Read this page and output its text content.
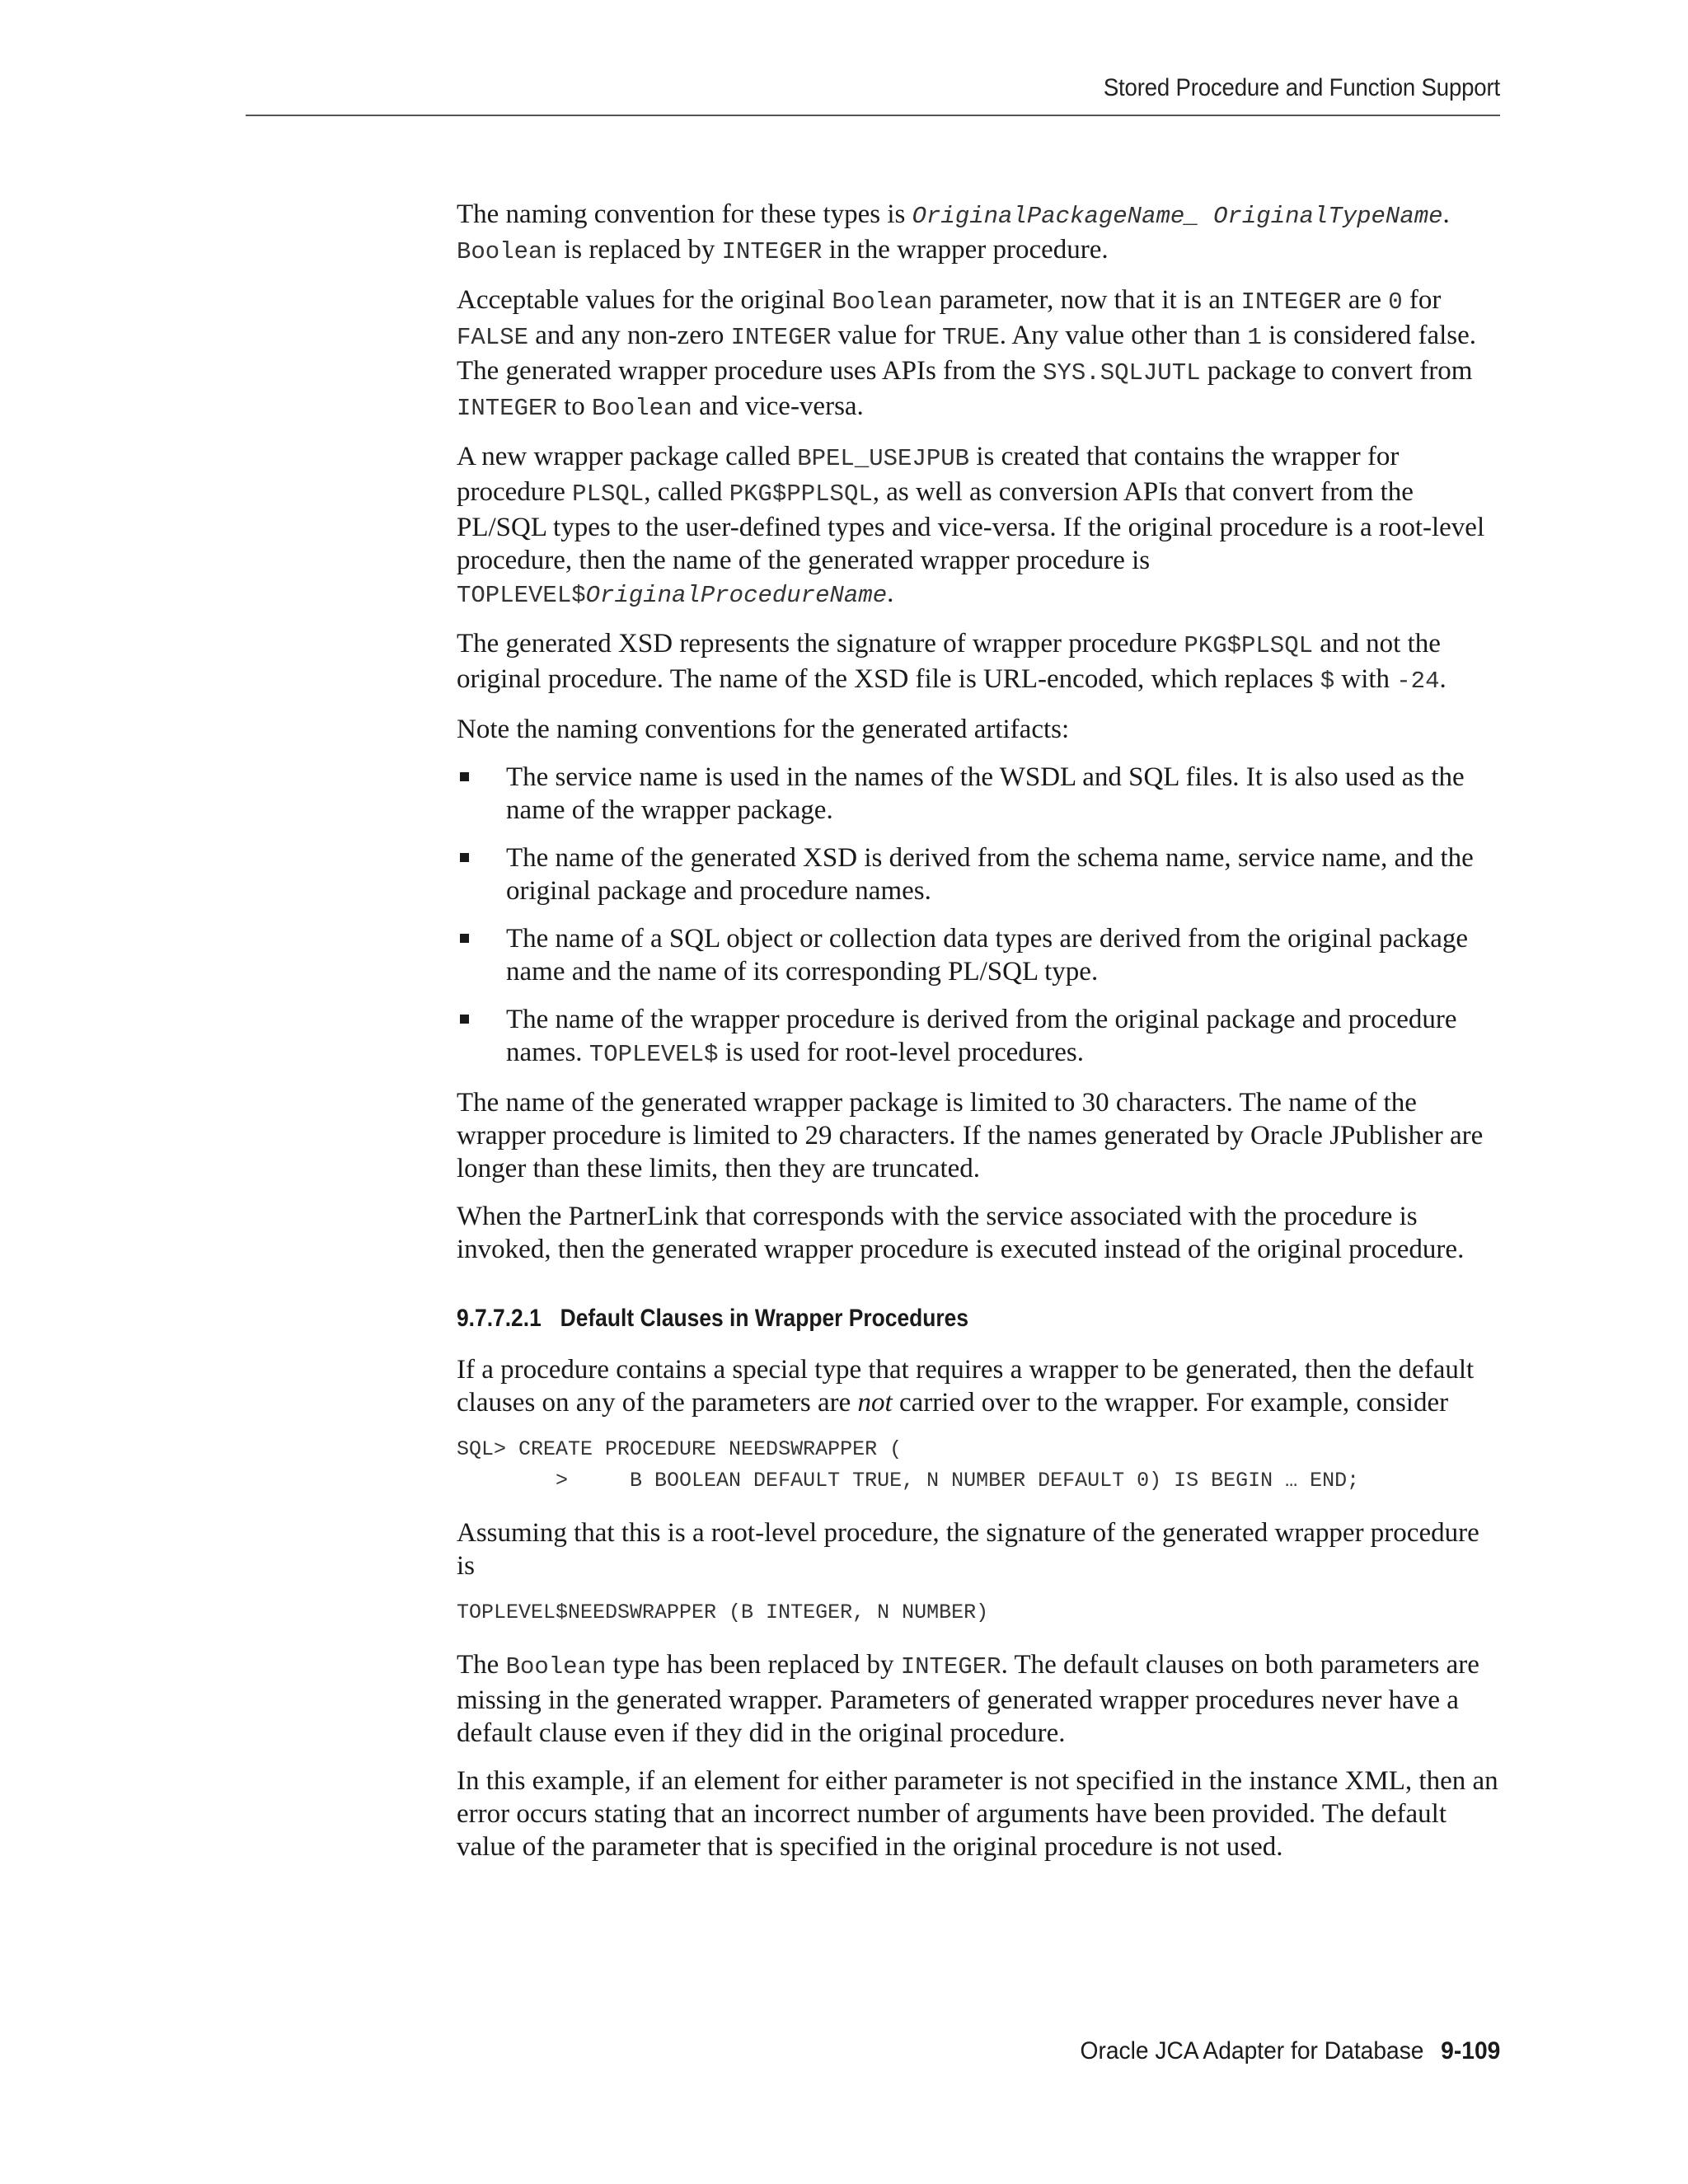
Stored Procedure and Function Support

The naming convention for these types is OriginalPackageName_ OriginalTypeName. Boolean is replaced by INTEGER in the wrapper procedure.

Acceptable values for the original Boolean parameter, now that it is an INTEGER are 0 for FALSE and any non-zero INTEGER value for TRUE. Any value other than 1 is considered false. The generated wrapper procedure uses APIs from the SYS.SQLJUTL package to convert from INTEGER to Boolean and vice-versa.

A new wrapper package called BPEL_USEJPUB is created that contains the wrapper for procedure PLSQL, called PKG$PPLSQL, as well as conversion APIs that convert from the PL/SQL types to the user-defined types and vice-versa. If the original procedure is a root-level procedure, then the name of the generated wrapper procedure is TOPLEVEL$OriginalProcedureName.

The generated XSD represents the signature of wrapper procedure PKG$PLSQL and not the original procedure. The name of the XSD file is URL-encoded, which replaces $ with -24.

Note the naming conventions for the generated artifacts:

The service name is used in the names of the WSDL and SQL files. It is also used as the name of the wrapper package.
The name of the generated XSD is derived from the schema name, service name, and the original package and procedure names.
The name of a SQL object or collection data types are derived from the original package name and the name of its corresponding PL/SQL type.
The name of the wrapper procedure is derived from the original package and procedure names. TOPLEVEL$ is used for root-level procedures.

The name of the generated wrapper package is limited to 30 characters. The name of the wrapper procedure is limited to 29 characters. If the names generated by Oracle JPublisher are longer than these limits, then they are truncated.

When the PartnerLink that corresponds with the service associated with the procedure is invoked, then the generated wrapper procedure is executed instead of the original procedure.

9.7.7.2.1 Default Clauses in Wrapper Procedures

If a procedure contains a special type that requires a wrapper to be generated, then the default clauses on any of the parameters are not carried over to the wrapper. For example, consider

SQL> CREATE PROCEDURE NEEDSWRAPPER (
>     B BOOLEAN DEFAULT TRUE, N NUMBER DEFAULT 0) IS BEGIN … END;

Assuming that this is a root-level procedure, the signature of the generated wrapper procedure is

TOPLEVEL$NEEDSWRAPPER (B INTEGER, N NUMBER)

The Boolean type has been replaced by INTEGER. The default clauses on both parameters are missing in the generated wrapper. Parameters of generated wrapper procedures never have a default clause even if they did in the original procedure.

In this example, if an element for either parameter is not specified in the instance XML, then an error occurs stating that an incorrect number of arguments have been provided. The default value of the parameter that is specified in the original procedure is not used.

Oracle JCA Adapter for Database 9-109
